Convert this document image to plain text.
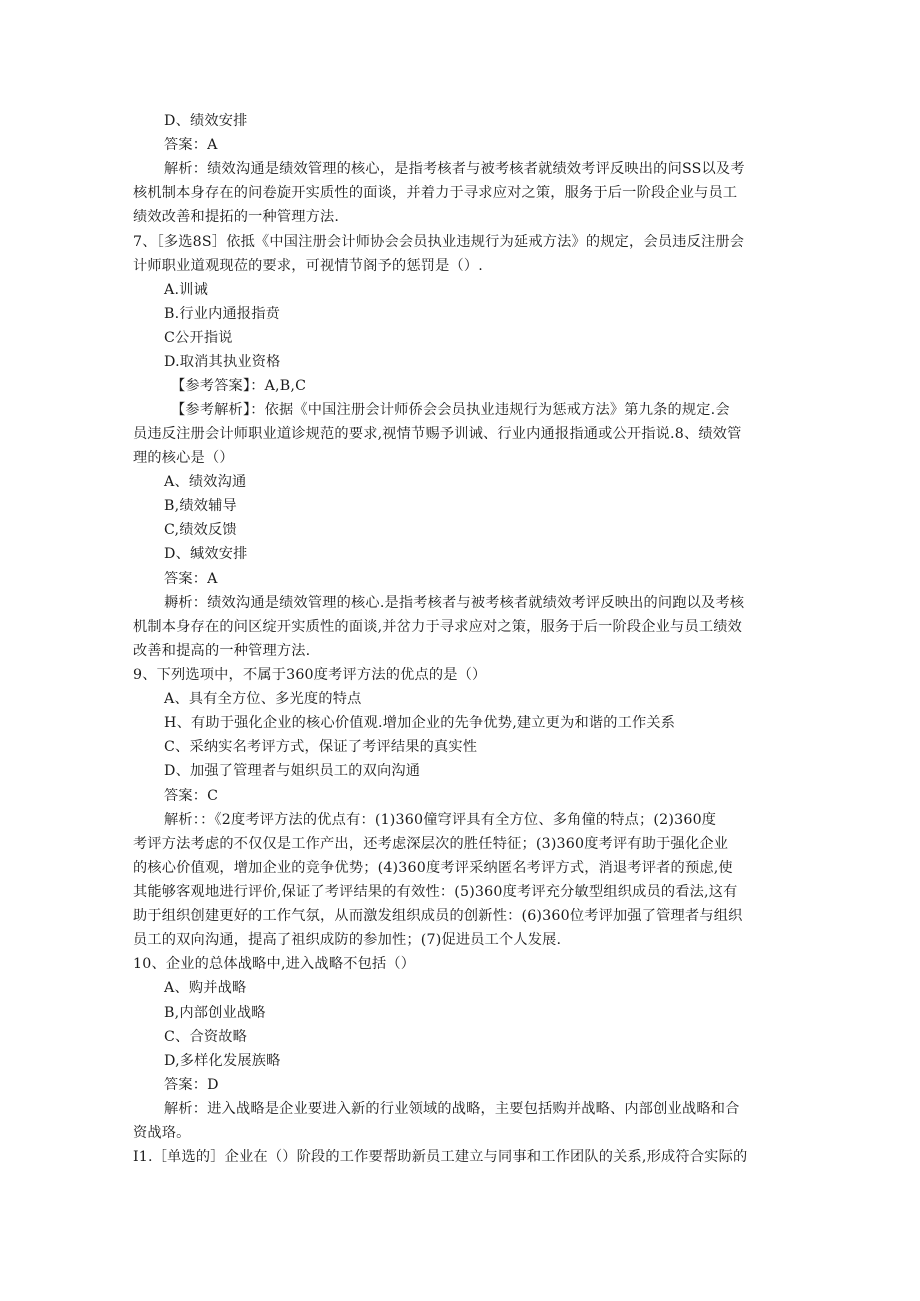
D、绩效安排
答案：A
解析：绩效沟通是绩效管理的核心，是指考核者与被考核者就绩效考评反映出的问SS以及考
核机制本身存在的问卷旋开实质性的面谈，并着力于寻求应对之策，服务于后一阶段企业与员工
绩效改善和提拓的一种管理方法.
7、［多选8S］依抵《中国注册会计师协会会员执业违规行为延戒方法》的规定，会员违反注册会
计师职业道观现莅的要求，可视情节阁予的惩罚是（）.
A.训诫
B.行业内通报指贲
C公开指说
D.取消其执业资格
【参考答案】：A,B,C
【参考解析】：依据《中国注册会计师侨会会员执业违规行为惩戒方法》第九条的规定.会
员违反注册会计师职业道诊规范的要求,视情节赐予训诫、行业内通报指通或公开指说.8、绩效管
理的核心是（）
A、绩效沟通
B,绩效辅导
C,绩效反馈
D、缄效安排
答案：A
耨析：绩效沟通是绩效管理的核心.是指考核者与被考核者就绩效考评反映出的问跑以及考核
机制本身存在的问区绽开实质性的面谈,并岔力于寻求应对之策，服务于后一阶段企业与员工绩效
改善和提高的一种管理方法.
9、下列选项中，不属于360度考评方法的优点的是（）
A、具有全方位、多光度的特点
H、有助于强化企业的核心价值观.增加企业的先争优势,建立更为和谐的工作关系
C、采纳实名考评方式，保证了考评结果的真实性
D、加强了管理者与姐织员工的双向沟通
答案：C
解析：：《2度考评方法的优点有：(1)360僮穹评具有全方位、多角僮的特点；(2)360度
考评方法考虑的不仅仅是工作产出，还考虑深层次的胜任特征；(3)360度考评有助于强化企业
的核心价值观，增加企业的竞争优势；(4)360度考评采纳匿名考评方式，消退考评者的预虑,使
其能够客观地进行评价,保证了考评结果的有效性：(5)360度考评充分敏型组织成员的看法,这有
助于组织创建更好的工作气氛，从而激发组织成员的创新性：(6)360位考评加强了管理者与组织
员工的双向沟通，提高了祖织成防的参加性；(7)促进员工个人发展.
10、企业的总体战略中,进入战略不包括（）
A、购并战略
B,内部创业战略
C、合资故略
D,多样化发展族略
答案：D
解析：进入战略是企业要进入新的行业领域的战略，主要包括购并战略、内部创业战略和合
资战珞。
I1.［单选的］企业在（）阶段的工作要帮助新员工建立与同事和工作团队的关系,形成符合实际的
